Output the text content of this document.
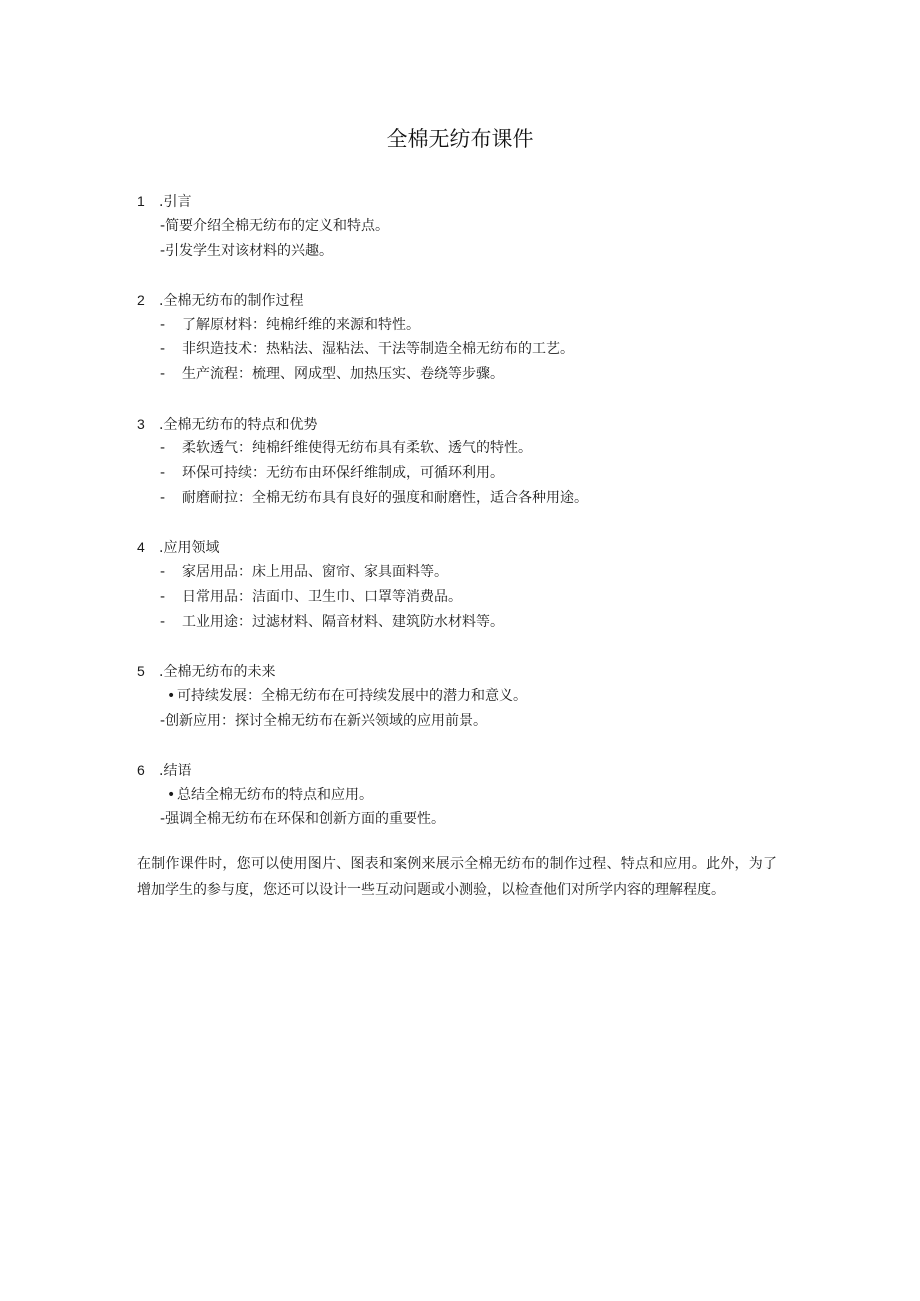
全棉无纺布课件
1 .引言
-简要介绍全棉无纺布的定义和特点。
-引发学生对该材料的兴趣。
2 .全棉无纺布的制作过程
- 了解原材料：纯棉纤维的来源和特性。
- 非织造技术：热粘法、湿粘法、干法等制造全棉无纺布的工艺。
- 生产流程：梳理、网成型、加热压实、卷绕等步骤。
3 .全棉无纺布的特点和优势
- 柔软透气：纯棉纤维使得无纺布具有柔软、透气的特性。
- 环保可持续：无纺布由环保纤维制成，可循环利用。
- 耐磨耐拉：全棉无纺布具有良好的强度和耐磨性，适合各种用途。
4 .应用领域
- 家居用品：床上用品、窗帘、家具面料等。
- 日常用品：洁面巾、卫生巾、口罩等消费品。
- 工业用途：过滤材料、隔音材料、建筑防水材料等。
5 .全棉无纺布的未来
• 可持续发展：全棉无纺布在可持续发展中的潜力和意义。
-创新应用：探讨全棉无纺布在新兴领域的应用前景。
6 .结语
• 总结全棉无纺布的特点和应用。
-强调全棉无纺布在环保和创新方面的重要性。
在制作课件时，您可以使用图片、图表和案例来展示全棉无纺布的制作过程、特点和应用。此外，为了增加学生的参与度，您还可以设计一些互动问题或小测验，以检查他们对所学内容的理解程度。
